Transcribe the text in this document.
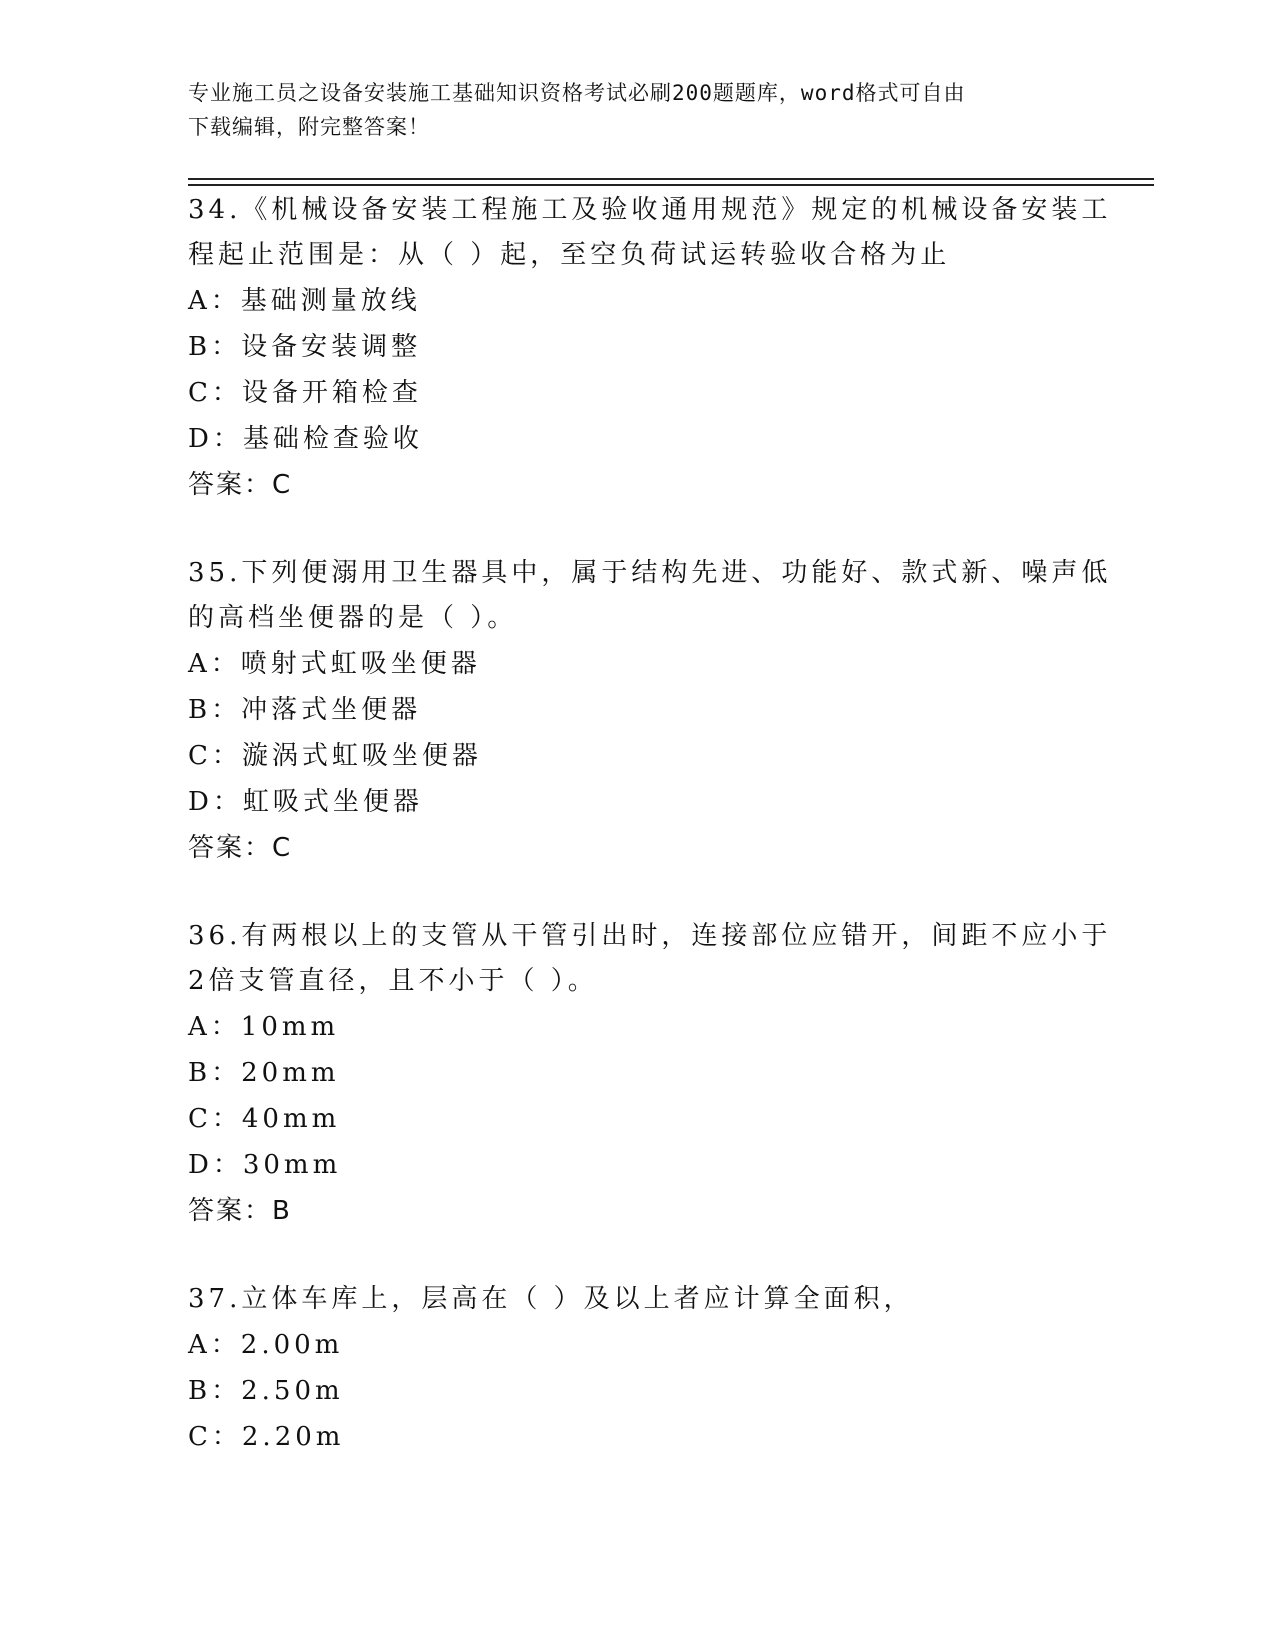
专业施工员之设备安装施工基础知识资格考试必刷200题题库，word格式可自由
下载编辑，附完整答案！
34.《机械设备安装工程施工及验收通用规范》规定的机械设备安装工
程起止范围是：从（ ）起，至空负荷试运转验收合格为止
A：基础测量放线
B：设备安装调整
C：设备开箱检查
D：基础检查验收
答案：C
35.下列便溺用卫生器具中，属于结构先进、功能好、款式新、噪声低
的高档坐便器的是（ ）。
A：喷射式虹吸坐便器
B：冲落式坐便器
C：漩涡式虹吸坐便器
D：虹吸式坐便器
答案：C
36.有两根以上的支管从干管引出时，连接部位应错开，间距不应小于
2倍支管直径，且不小于（ ）。
A：10mm
B：20mm
C：40mm
D：30mm
答案：B
37.立体车库上，层高在（ ）及以上者应计算全面积，
A：2.00m
B：2.50m
C：2.20m
